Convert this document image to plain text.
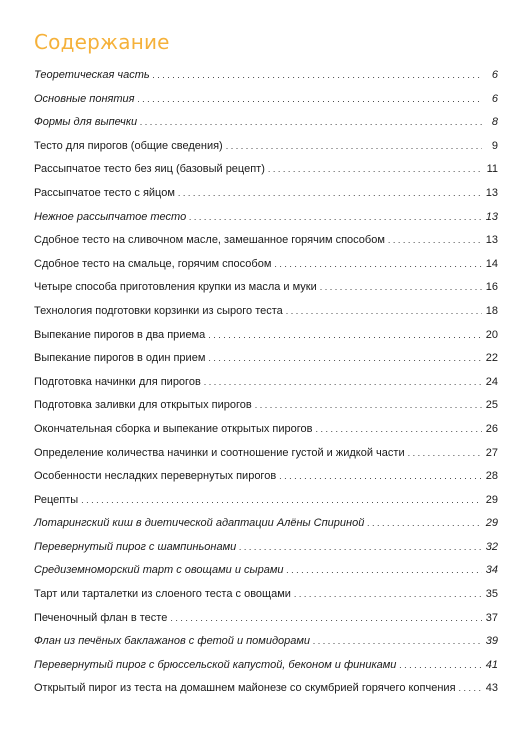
Содержание
Теоретическая часть . . .	6
Основные понятия . . .	6
Формы для выпечки . . .	8
Тесто для пирогов (общие сведения) . . .	9
Рассыпчатое тесто без яиц (базовый рецепт) . . .	11
Рассыпчатое тесто с яйцом . . .	13
Нежное рассыпчатое тесто . . .	13
Сдобное тесто на сливочном масле, замешанное горячим способом . . .	13
Сдобное тесто на смальце, горячим способом . . .	14
Четыре способа приготовления крупки из масла и муки . . .	16
Технология подготовки корзинки из сырого теста . . .	18
Выпекание пирогов в два приема . . .	20
Выпекание пирогов в один прием . . .	22
Подготовка начинки для пирогов . . .	24
Подготовка заливки для открытых пирогов . . .	25
Окончательная сборка и выпекание открытых пирогов . . .	26
Определение количества начинки и соотношение густой и жидкой части . . .	27
Особенности несладких перевернутых пирогов . . .	28
Рецепты . . .	29
Лотарингский киш в диетической адаптации Алёны Спириной . . .	29
Перевернутый пирог с шампиньонами . . .	32
Средиземноморский тарт с овощами и сырами . . .	34
Тарт или тарталетки из слоеного теста с овощами . . .	35
Печеночный флан в тесте . . .	37
Флан из печёных баклажанов с фетой и помидорами . . .	39
Перевернутый пирог с брюссельской капустой, беконом и финиками . . .	41
Открытый пирог из теста на домашнем майонезе со скумбрией горячего копчения . . .	43
